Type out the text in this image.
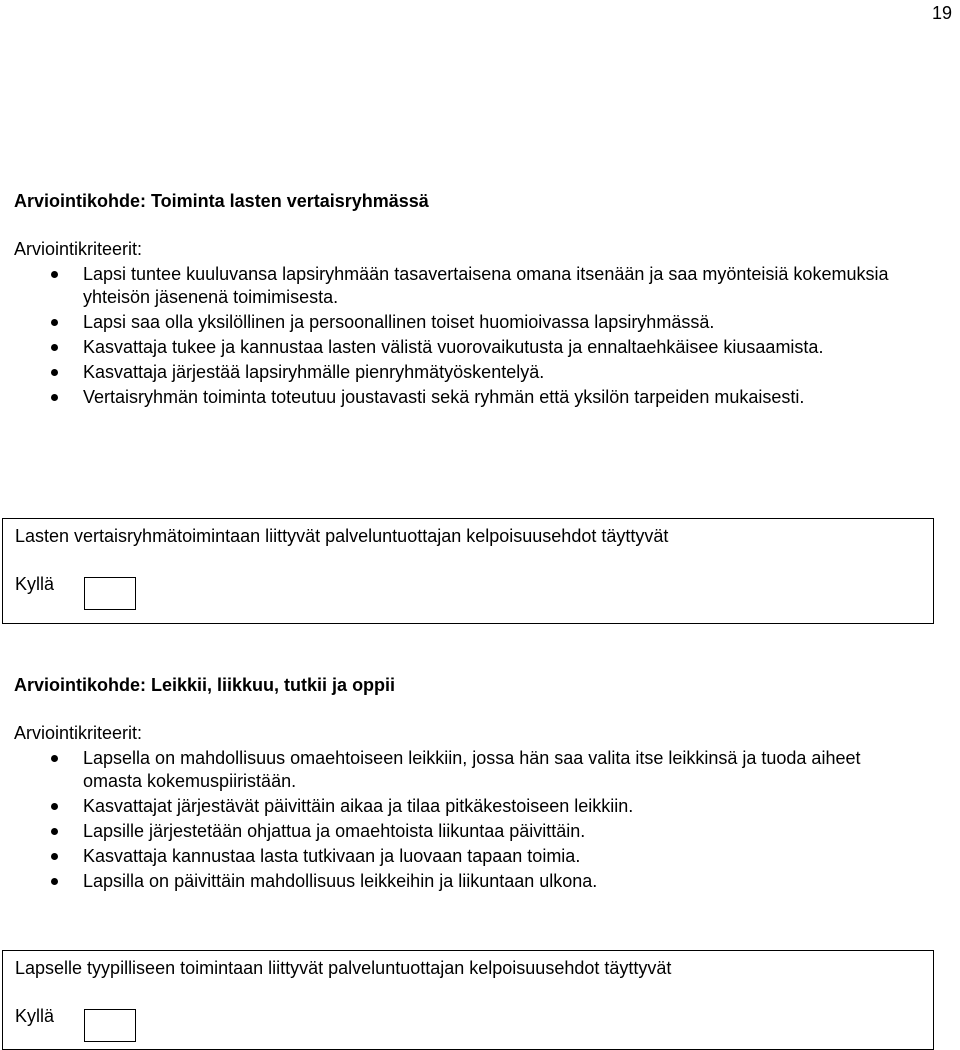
19
Arviointikohde: Toiminta lasten vertaisryhmässä
Arviointikriteerit:
Lapsi tuntee kuuluvansa lapsiryhmään tasavertaisena omana itsenään ja saa myönteisiä kokemuksia yhteisön jäsenenä toimimisesta.
Lapsi saa olla yksilöllinen ja persoonallinen toiset huomioivassa lapsiryhmässä.
Kasvattaja tukee ja kannustaa lasten välistä vuorovaikutusta ja ennaltaehkäisee kiusaamista.
Kasvattaja järjestää lapsiryhmälle pienryhmätyöskentelyä.
Vertaisryhmän toiminta toteutuu joustavasti sekä ryhmän että yksilön tarpeiden mukaisesti.
Lasten vertaisryhmätoimintaan liittyvät palveluntuottajan kelpoisuusehdot täyttyvät
Kyllä
Arviointikohde: Leikkii, liikkuu, tutkii ja oppii
Arviointikriteerit:
Lapsella on mahdollisuus omaehtoiseen leikkiin, jossa hän saa valita itse leikkinsä ja tuoda aiheet omasta kokemuspiiristään.
Kasvattajat järjestävät päivittäin aikaa ja tilaa pitkäkestoiseen leikkiin.
Lapsille järjestetään ohjattua ja omaehtoista liikuntaa päivittäin.
Kasvattaja kannustaa lasta tutkivaan ja luovaan tapaan toimia.
Lapsilla on päivittäin mahdollisuus leikkeihin ja liikuntaan ulkona.
Lapselle tyypilliseen toimintaan liittyvät palveluntuottajan kelpoisuusehdot täyttyvät
Kyllä
